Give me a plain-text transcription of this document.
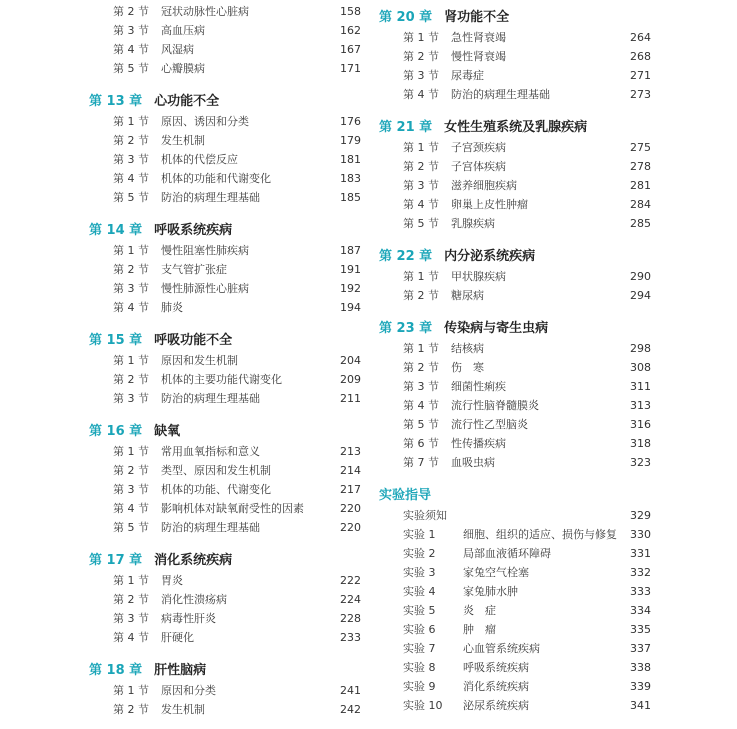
第 2 节 冠状动脉性心脏病	158
第 3 节 高血压病	162
第 4 节 风湿病	167
第 5 节 心瓣膜病	171
第 13 章 心功能不全
第 1 节 原因、诱因和分类	176
第 2 节 发生机制	179
第 3 节 机体的代偿反应	181
第 4 节 机体的功能和代谢变化	183
第 5 节 防治的病理生理基础	185
第 14 章 呼吸系统疾病
第 1 节 慢性阻塞性肺疾病	187
第 2 节 支气管扩张症	191
第 3 节 慢性肺源性心脏病	192
第 4 节 肺炎	194
第 15 章 呼吸功能不全
第 1 节 原因和发生机制	204
第 2 节 机体的主要功能代谢变化	209
第 3 节 防治的病理生理基础	211
第 16 章 缺氧
第 1 节 常用血氧指标和意义	213
第 2 节 类型、原因和发生机制	214
第 3 节 机体的功能、代谢变化	217
第 4 节 影响机体对缺氧耐受性的因素	220
第 5 节 防治的病理生理基础	220
第 17 章 消化系统疾病
第 1 节 胃炎	222
第 2 节 消化性溃疡病	224
第 3 节 病毒性肝炎	228
第 4 节 肝硬化	233
第 18 章 肝性脑病
第 1 节 原因和分类	241
第 2 节 发生机制	242
第 20 章 肾功能不全
第 1 节 急性肾衰竭	264
第 2 节 慢性肾衰竭	268
第 3 节 尿毒症	271
第 4 节 防治的病理生理基础	273
第 21 章 女性生殖系统及乳腺疾病
第 1 节 子宫颈疾病	275
第 2 节 子宫体疾病	278
第 3 节 滋养细胞疾病	281
第 4 节 卵巢上皮性肿瘤	284
第 5 节 乳腺疾病	285
第 22 章 内分泌系统疾病
第 1 节 甲状腺疾病	290
第 2 节 糖尿病	294
第 23 章 传染病与寄生虫病
第 1 节 结核病	298
第 2 节 伤　寒	308
第 3 节 细菌性痢疾	311
第 4 节 流行性脑脊髓膜炎	313
第 5 节 流行性乙型脑炎	316
第 6 节 性传播疾病	318
第 7 节 血吸虫病	323
实验指导
实验须知	329
实验 1	细胞、组织的适应、损伤与修复 330
实验 2	局部血液循环障碍	331
实验 3	家兔空气栓塞	332
实验 4	家兔肺水肿	333
实验 5	炎　症	334
实验 6	肿　瘤	335
实验 7	心血管系统疾病	337
实验 8	呼吸系统疾病	338
实验 9	消化系统疾病	339
实验 10 泌尿系统疾病	341
